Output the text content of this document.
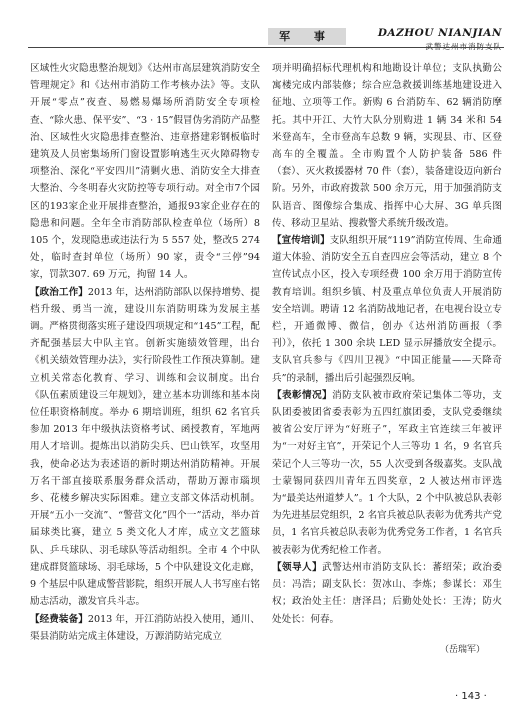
军 事	DAZHOU NIANJIAN

区域性火灾隐患整治规划》《达州市高层建筑消防安全管理规定》和《达州市消防工作考核办法》等。支队开展“零点”夜查、易燃易爆场所消防安全专项检查、“除火患、保平安”、“3 · 15”假冒伪劣消防产品整治、区域性火灾隐患排查整治、违章搭建彩钢板临时建筑及人员密集场所门窗设置影响逃生灭火障碍物专项整治、深化“平安四川”清剿火患、消防安全大排查大整治、今冬明春火灾防控等专项行动。对全市7个园区的193家企业开展排查整治，通报93家企业存在的隐患和问题。全年全市消防部队检查单位（场所）8 105 个，发现隐患或违法行为 5 557 处，整改5 274 处，临时查封单位（场所）90 家，责令“三停”94 家，罚款307. 69 万元，拘留 14 人。

【政治工作】2013 年，达州消防部队以保持增势、提档升级、勇当一流，建设川东消防明珠为发展主基调。严格贯彻落实班子建设四项规定和“145”工程，配齐配强基层大中队主官。创新实施绩效管理，出台《机关绩效管理办法》，实行阶段性工作预决算制。建立机关常态化教育、学习、训练和会议制度。出台《队伍素质建设三年规划》，建立基本功训练和基本岗位任职资格制度。举办 6 期培训班，组织 62 名官兵参加 2013 年中级执法资格考试、函授教育，军地两用人才培训。提炼出以消防尖兵、巴山铁军，攻坚用我，使命必达为表述语的新时期达州消防精神。开展万名干部直接联系服务群众活动，帮助万源市瑙坝乡、花楼乡解决实际困难。建立支部文体活动机制。开展“五小一交流”、“警营文化”四个一”活动，举办首届球类比赛，建立 5 类文化人才库，成立文艺篮球队、乒乓球队、羽毛球队等活动组织。全市 4 个中队建成群贤篮球场、羽毛球场，5 个中队建设文化走廊，9 个基层中队建成警营影院，组织开展人人书写座右铭励志活动，激发官兵斗志。

【经费装备】2013 年，开江消防站投入使用，通川、渠县消防站完成主体建设，万源消防站完成立

项并明确招标代理机构和地勘设计单位；支队执勤公寓楼完成内部装修；综合应急救援训练基地建设进入征地、立项等工作。新购 6 台消防车、62 辆消防摩托。其中开江、大竹大队分别购进 1 辆 34 米和 54 米登高车，全市登高车总数 9 辆，实现县、市、区登高车的全覆盖。全市购置个人防护装备 586 件（套）、灭火救援器材 70 件（套），装备建设迈向新台阶。另外，市政府拨款 500 余万元，用于加强消防支队语音、图像综合集成、指挥中心大屏、3G 单兵图传、移动卫星站、搜救警犬系统升级改造。

【宣传培训】支队组织开展“119”消防宣传周、生命通道大体验、消防安全五自查四应会等活动，建立 8 个宣传试点小区，投入专项经费 100 余万用于消防宣传教育培训。组织乡镇、村及重点单位负责人开展消防安全培训。聘请 12 名消防战地记者，在电视台设立专栏，开通微博、微信，创办《达州消防画报（季刊）》，依托 1 300 余块 LED 显示屏播放安全提示。支队官兵参与《四川卫视》“中国正能量——天降奇兵”的录制，播出后引起强烈反响。

【表彰情况】消防支队被市政府荣记集体二等功，支队团委被团省委表彰为五四红旗团委，支队党委继续被省公安厅评为“好班子”，军政主官连续三年被评为“一对好主官”，开荣记个人三等功 1 名，9 名官兵荣记个人三等功一次，55 人次受到各级嘉奖。支队战士蒙锡同获四川青年五四奖章，2 人被达州市评选为“最美达州道梦人”。1 个大队，2 个中队被总队表彰为先进基层党组织，2 名官兵被总队表彰为优秀共产党员，1 名官兵被总队表彰为优秀党务工作者，1 名官兵被表彰为优秀纪检工作者。

【领导人】武警达州市消防支队长：蕃绍荣；政治委员：冯浩；副支队长：贺冰山、李炼；参谋长：邓生权；政治处主任：唐泽昌；后勤处处长：王涛；防火处处长：何春。

（岳瑞军）
· 143 ·
